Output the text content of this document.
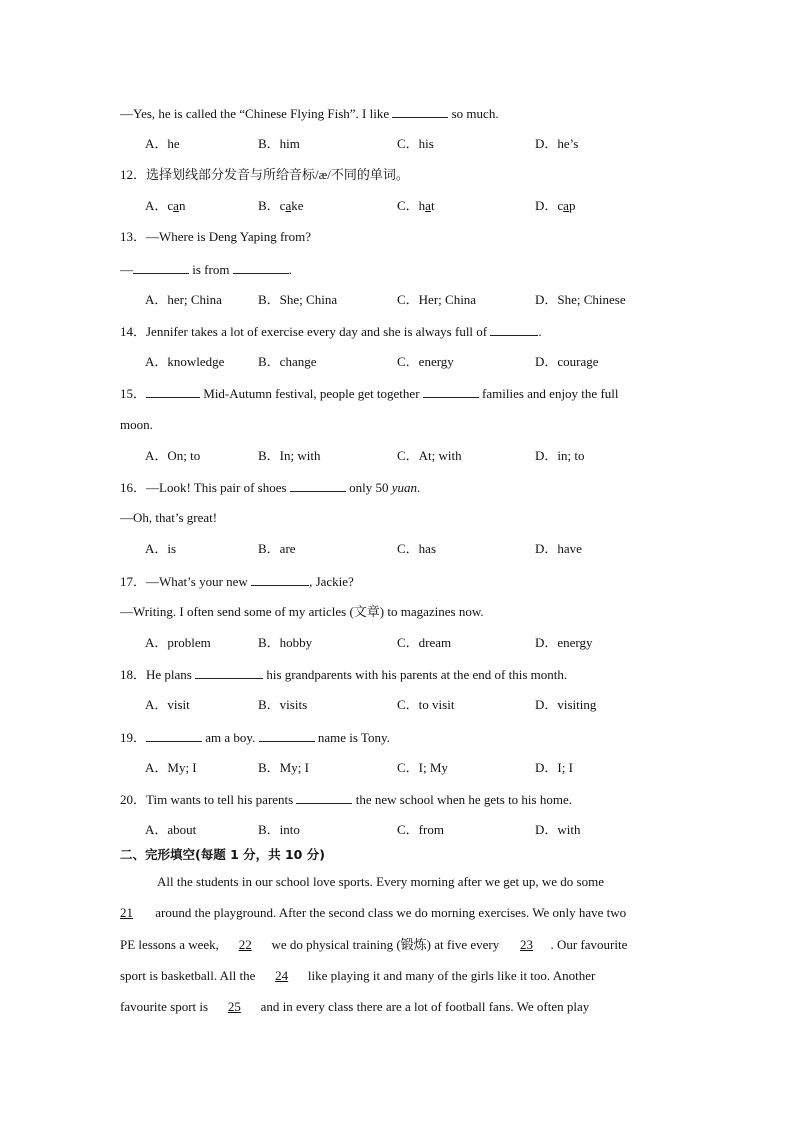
—Yes, he is called the “Chinese Flying Fish”. I like	so much.
A．he	B．him	C．his	D．he’s
12．选择划线部分发音与所给音标/æ/不同的单词。
A．can	B．cake	C．hat	D．cap
13．—Where is Deng Yaping from?
—	is from	.
A．her; China	B．She; China	C．Her; China	D．She; Chinese
14．Jennifer takes a lot of exercise every day and she is always full of	.
A．knowledge	B．change	C．energy	D．courage
15．	Mid-Autumn festival, people get together	families and enjoy the full
moon.
A．On; to	B．In; with	C．At; with	D．in; to
16．—Look! This pair of shoes	only 50 yuan.
—Oh, that’s great!
A．is	B．are	C．has	D．have
17．—What’s your new	, Jackie?
—Writing. I often send some of my articles (文章) to magazines now.
A．problem	B．hobby	C．dream	D．energy
18．He plans	his grandparents with his parents at the end of this month.
A．visit	B．visits	C．to visit	D．visiting
19．	am a boy.	name is Tony.
A．My; I	B．My; I	C．I; My	D．I; I
20．Tim wants to tell his parents	the new school when he gets to his home.
A．about	B．into	C．from	D．with
二、完形填空(每题 1 分，共 10 分)
All the students in our school love sports. Every morning after we get up, we do some
21 around the playground. After the second class we do morning exercises. We only have two
PE lessons a week, 22 we do physical training (锻炼) at five every 23 . Our favourite
sport is basketball. All the 24 like playing it and many of the girls like it too. Another
favourite sport is 25 and in every class there are a lot of football fans. We often play
